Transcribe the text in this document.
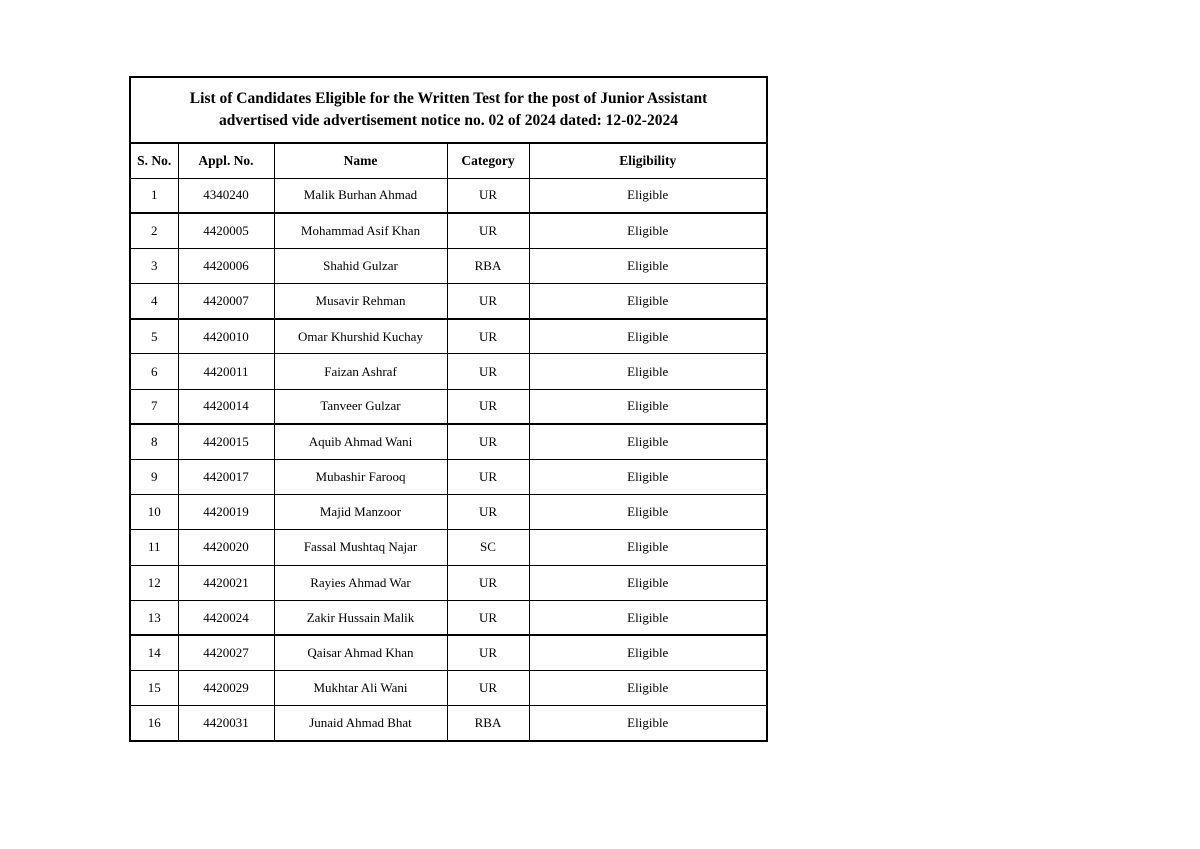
List of Candidates Eligible for the Written Test for the post of Junior Assistant
advertised vide advertisement notice no. 02 of 2024 dated: 12-02-2024				

S. No.	Appl. No.	Name	Category	Eligibility
1	4340240	Malik Burhan Ahmad	UR	Eligible
2	4420005	Mohammad Asif Khan	UR	Eligible
3	4420006	Shahid Gulzar	RBA	Eligible
4	4420007	Musavir Rehman	UR	Eligible
5	4420010	Omar Khurshid Kuchay	UR	Eligible
6	4420011	Faizan Ashraf	UR	Eligible
7	4420014	Tanveer Gulzar	UR	Eligible
8	4420015	Aquib Ahmad Wani	UR	Eligible
9	4420017	Mubashir Farooq	UR	Eligible
10	4420019	Majid Manzoor	UR	Eligible
11	4420020	Fassal Mushtaq Najar	SC	Eligible
12	4420021	Rayies Ahmad War	UR	Eligible
13	4420024	Zakir Hussain Malik	UR	Eligible
14	4420027	Qaisar Ahmad Khan	UR	Eligible
15	4420029	Mukhtar Ali Wani	UR	Eligible
16	4420031	Junaid Ahmad Bhat	RBA	Eligible
